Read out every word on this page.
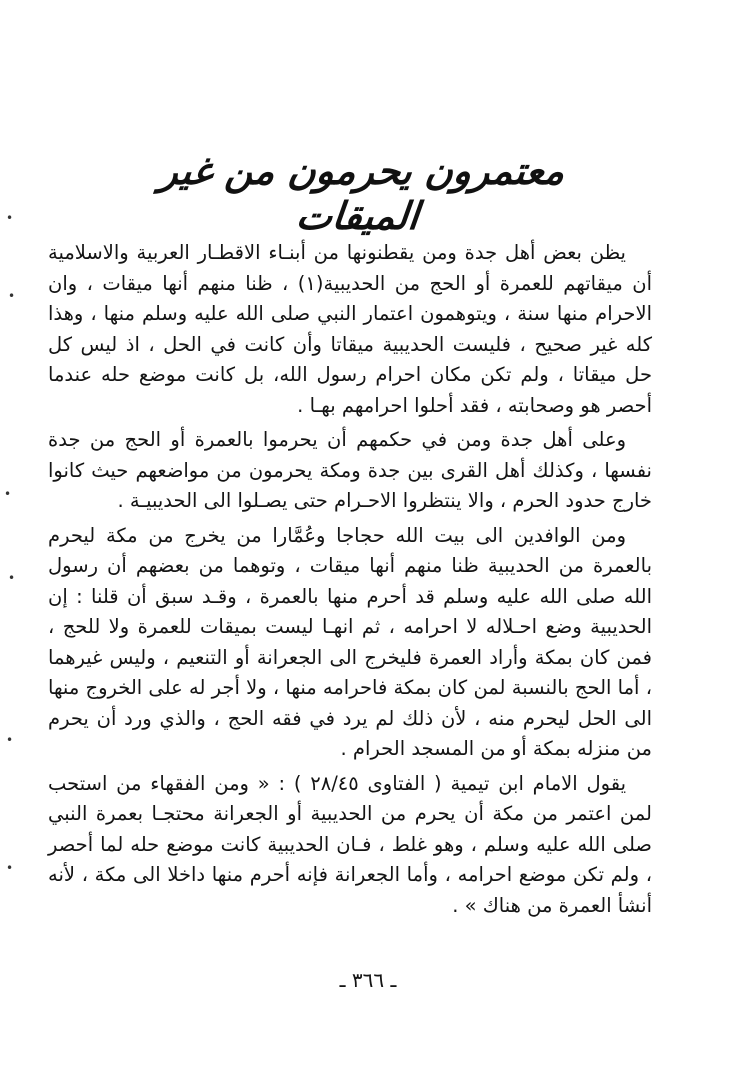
معتمرون يحرمون من غير الميقات

يظن بعض أهل جدة ومن يقطنونها من أبنـاء الاقطـار العربية والاسلامية أن ميقاتهم للعمرة أو الحج من الحديبية(١) ، ظنا منهم أنها ميقات ، وان الاحرام منها سنة ، ويتوهمون اعتمار النبي صلى الله عليه وسلم منها ، وهذا كله غير صحيح ، فليست الحديبية ميقاتا وأن كانت في الحل ، اذ ليس كل حل ميقاتا ، ولم تكن مكان احرام رسول الله، بل كانت موضع حله عندما أحصر هو وصحابته ، فقد أحلوا احرامهم بهـا .

وعلى أهل جدة ومن في حكمهم أن يحرموا بالعمرة أو الحج من جدة نفسها ، وكذلك أهل القرى بين جدة ومكة يحرمون من مواضعهم حيث كانوا خارج حدود الحرم ، والا ينتظروا الاحـرام حتى يصـلوا الى الحديبيـة .

ومن الوافدين الى بيت الله حجاجا وعُمَّارا من يخرج من مكة ليحرم بالعمرة من الحديبية ظنا منهم أنها ميقات ، وتوهما من بعضهم أن رسول الله صلى الله عليه وسلم قد أحرم منها بالعمرة ، وقـد سبق أن قلنا : إن الحديبية وضع احـلاله لا احرامه ، ثم انهـا ليست بميقات للعمرة ولا للحج ، فمن كان بمكة وأراد العمرة فليخرج الى الجعرانة أو التنعيم ، وليس غيرهما ، أما الحج بالنسبة لمن كان بمكة فاحرامه منها ، ولا أجر له على الخروج منها الى الحل ليحرم منه ، لأن ذلك لم يرد في فقه الحج ، والذي ورد أن يحرم من منزله بمكة أو من المسجد الحرام .

يقول الامام ابن تيمية ( الفتاوى ٢٨/٤٥ ) : « ومن الفقهاء من استحب لمن اعتمر من مكة أن يحرم من الحديبية أو الجعرانة محتجـا بعمرة النبي صلى الله عليه وسلم ، وهو غلط ، فـان الحديبية كانت موضع حله لما أحصر ، ولم تكن موضع احرامه ، وأما الجعرانة فإنه أحرم منها داخلا الى مكة ، لأنه أنشأ العمرة من هناك » .

ـ ٣٦٦ ـ
•
•
•
•
•
•
